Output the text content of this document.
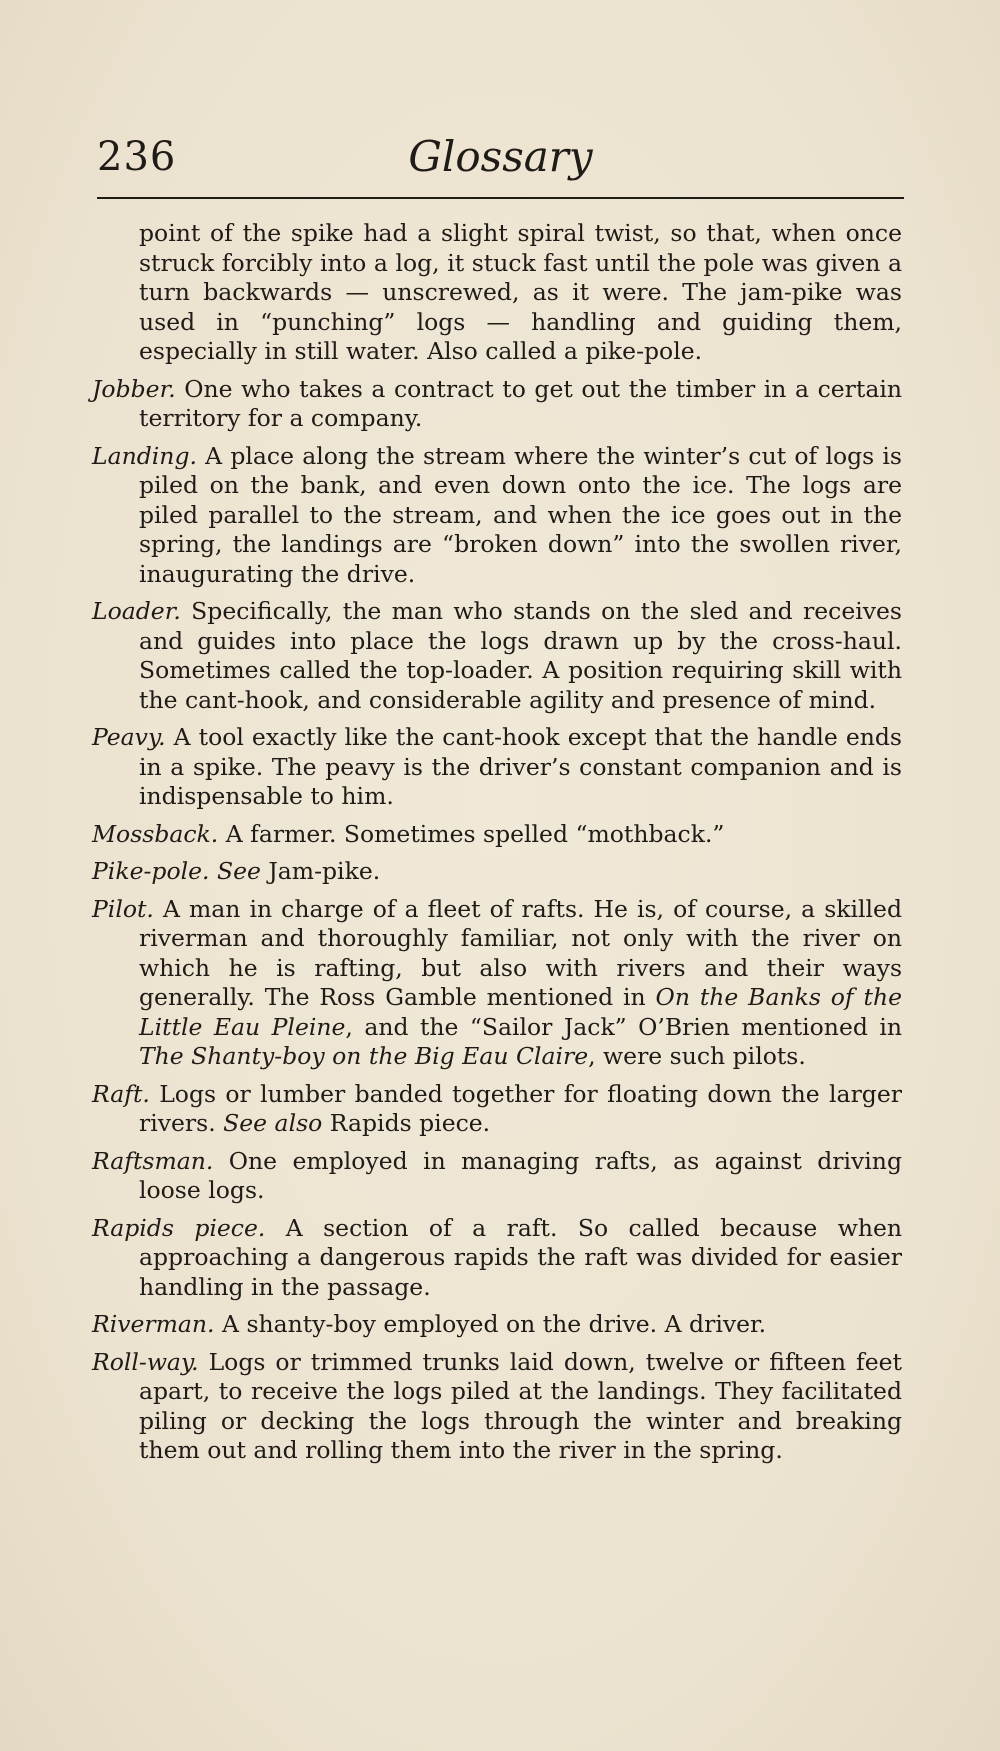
236	Glossary

point of the spike had a slight spiral twist, so that, when once struck forcibly into a log, it stuck fast until the pole was given a turn backwards — unscrewed, as it were. The jam-pike was used in “punching” logs — handling and guiding them, especially in still water. Also called a pike-pole.

Jobber. One who takes a contract to get out the timber in a certain territory for a company.

Landing. A place along the stream where the winter’s cut of logs is piled on the bank, and even down onto the ice. The logs are piled parallel to the stream, and when the ice goes out in the spring, the landings are “broken down” into the swollen river, inaugurating the drive.

Loader. Specifically, the man who stands on the sled and receives and guides into place the logs drawn up by the cross-haul. Sometimes called the top-loader. A position requiring skill with the cant-hook, and considerable agility and presence of mind.

Peavy. A tool exactly like the cant-hook except that the handle ends in a spike. The peavy is the driver’s constant companion and is indispensable to him.

Mossback. A farmer. Sometimes spelled “mothback.”

Pike-pole. See Jam-pike.

Pilot. A man in charge of a fleet of rafts. He is, of course, a skilled riverman and thoroughly familiar, not only with the river on which he is rafting, but also with rivers and their ways generally. The Ross Gamble mentioned in On the Banks of the Little Eau Pleine, and the “Sailor Jack” O’Brien mentioned in The Shanty-boy on the Big Eau Claire, were such pilots.

Raft. Logs or lumber banded together for floating down the larger rivers. See also Rapids piece.

Raftsman. One employed in managing rafts, as against driving loose logs.

Rapids piece. A section of a raft. So called because when approaching a dangerous rapids the raft was divided for easier handling in the passage.

Riverman. A shanty-boy employed on the drive. A driver.

Roll-way. Logs or trimmed trunks laid down, twelve or fifteen feet apart, to receive the logs piled at the landings. They facilitated piling or decking the logs through the winter and breaking them out and rolling them into the river in the spring.
